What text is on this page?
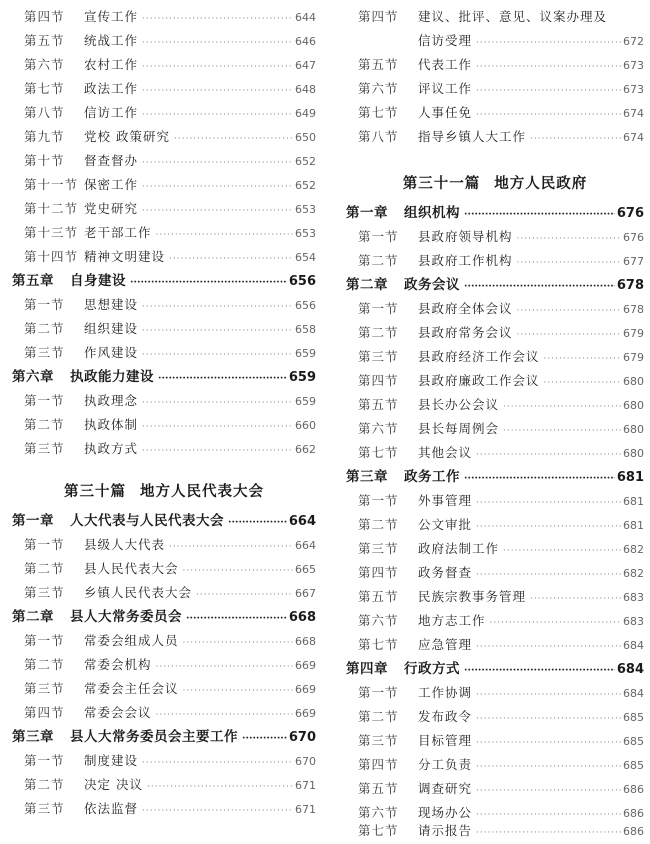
第四节	宣传工作 ·····	644
第五节	统战工作 ·····	646
第六节	农村工作 ·····	647
第七节	政法工作 ·····	648
第八节	信访工作 ·····	649
第九节	党校 政策研究 ·····	650
第十节	督查督办 ·····	652
第十一节 保密工作 ·····	652
第十二节 党史研究 ·····	653
第十三节 老干部工作 ·····	653
第十四节 精神文明建设 ·····	654
第五章	自身建设 ·····	656
第一节	思想建设 ·····	656
第二节	组织建设 ·····	658
第三节	作风建设 ·····	659
第六章	执政能力建设 ·····	659
第一节	执政理念 ·····	659
第二节	执政体制 ·····	660
第三节	执政方式 ·····	662
第三十篇 地方人民代表大会
第一章	人大代表与人民代表大会 ·····	664
第一节	县级人大代表 ·····	664
第二节	县人民代表大会 ·····	665
第三节	乡镇人民代表大会 ·····	667
第二章	县人大常务委员会 ·····	668
第一节	常委会组成人员 ·····	668
第二节	常委会机构 ·····	669
第三节	常委会主任会议 ·····	669
第四节	常委会会议 ·····	669
第三章	县人大常务委员会主要工作 ·····	670
第一节	制度建设 ·····	670
第二节	决定 决议 ·····	671
第三节	依法监督 ·····	671
第四节	建议、批评、意见、议案办理及
信访受理 ·····	672
第五节	代表工作 ·····	673
第六节	评议工作 ·····	673
第七节	人事任免 ·····	674
第八节	指导乡镇人大工作 ·····	674
第三十一篇 地方人民政府
第一章	组织机构 ·····	676
第一节	县政府领导机构 ·····	676
第二节	县政府工作机构 ·····	677
第二章	政务会议 ·····	678
第一节	县政府全体会议 ·····	678
第二节	县政府常务会议 ·····	679
第三节	县政府经济工作会议 ·····	679
第四节	县政府廉政工作会议 ·····	680
第五节	县长办公会议 ·····	680
第六节	县长每周例会 ·····	680
第七节	其他会议 ·····	680
第三章	政务工作 ·····	681
第一节	外事管理 ·····	681
第二节	公文审批 ·····	681
第三节	政府法制工作 ·····	682
第四节	政务督查 ·····	682
第五节	民族宗教事务管理 ·····	683
第六节	地方志工作 ·····	683
第七节	应急管理 ·····	684
第四章	行政方式 ·····	684
第一节	工作协调 ·····	684
第二节	发布政令 ·····	685
第三节	目标管理 ·····	685
第四节	分工负责 ·····	685
第五节	调查研究 ·····	686
第六节	现场办公 ·····	686
第七节	请示报告 ·····	686
